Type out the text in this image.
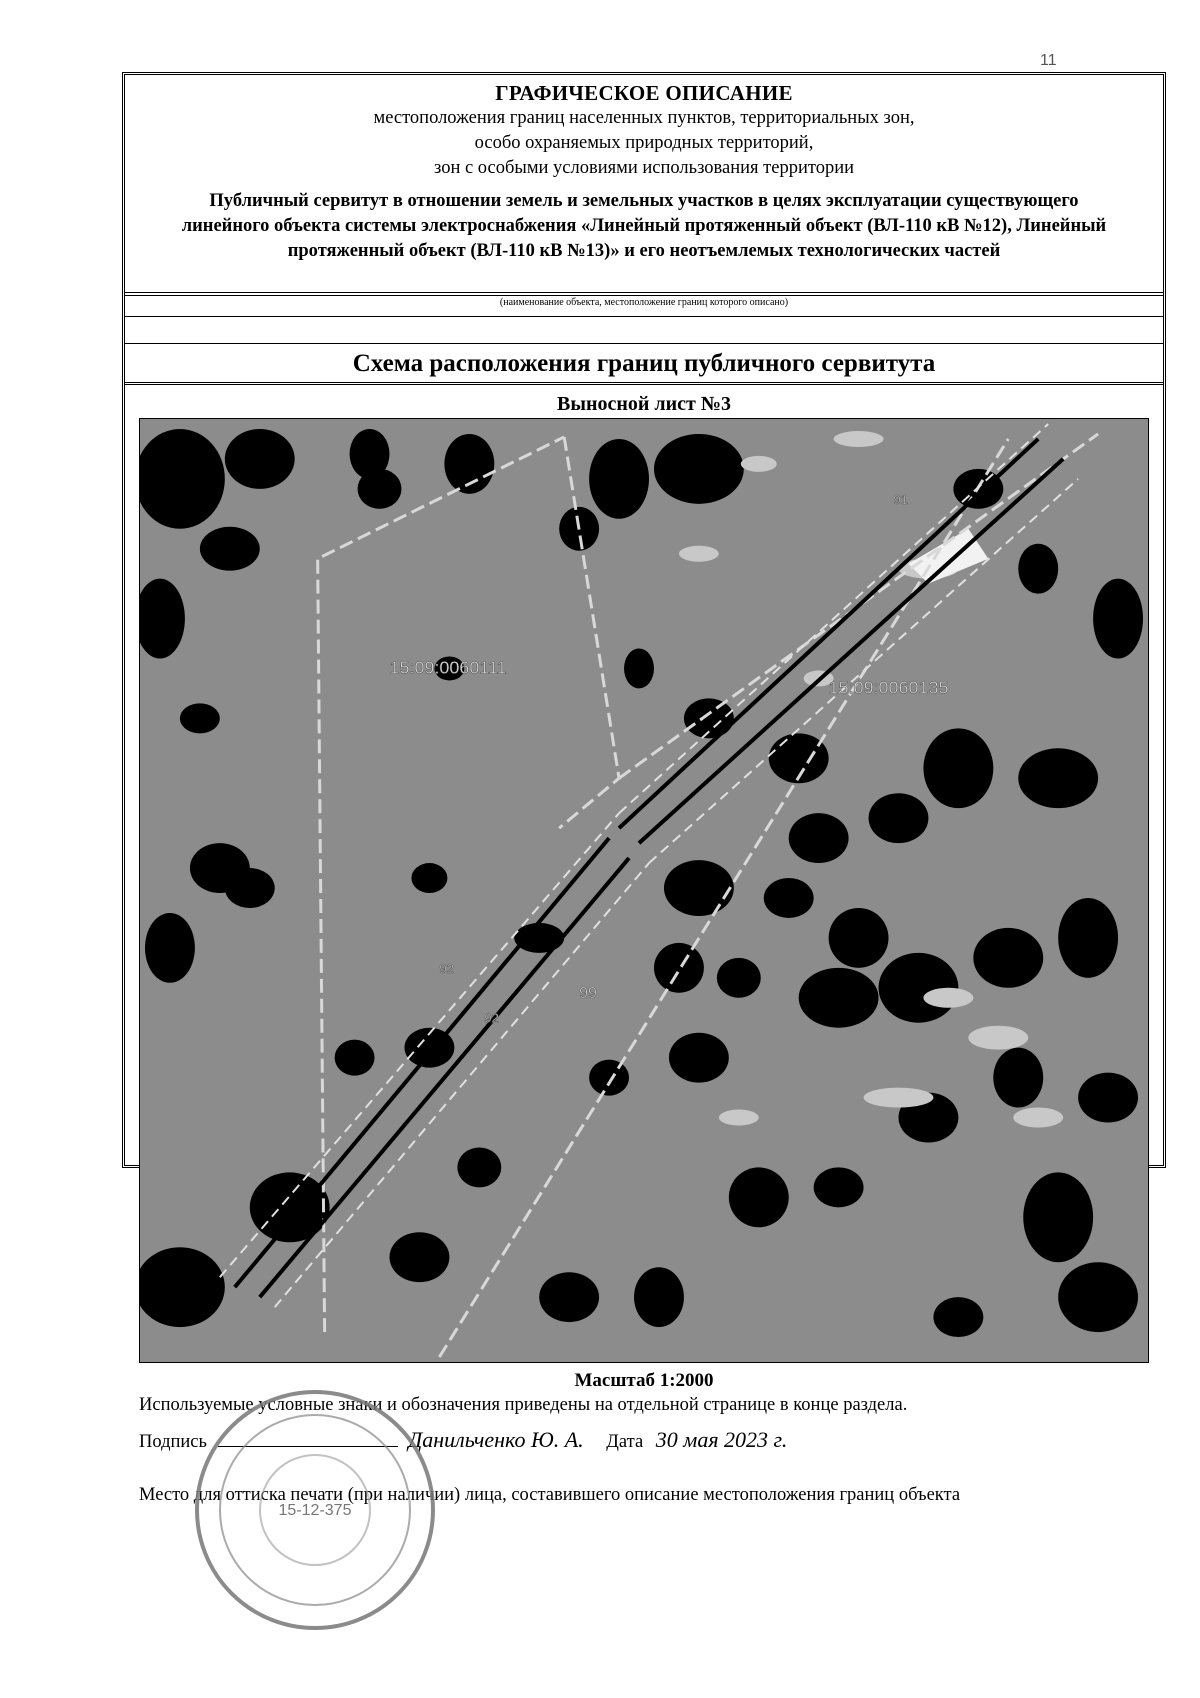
11
ГРАФИЧЕСКОЕ ОПИСАНИЕ
местоположения границ населенных пунктов, территориальных зон,
особо охраняемых природных территорий,
зон с особыми условиями использования территории
Публичный сервитут в отношении земель и земельных участков в целях эксплуатации существующего линейного объекта системы электроснабжения «Линейный протяженный объект (ВЛ-110 кВ №12), Линейный протяженный объект (ВЛ-110 кВ №13)» и его неотъемлемых технологических частей
(наименование объекта, местоположение границ которого описано)
Схема расположения границ публичного сервитута
Выносной лист №3
15:09:0060111
15:09:0060135
91
92
92
99
Масштаб 1:2000
Используемые условные знаки и обозначения приведены на отдельной странице в конце раздела.
Подпись	Данильченко Ю. А. Дата 30 мая 2023 г.
Место для оттиска печати (при наличии) лица, составившего описание местоположения границ объекта
15-12-375
